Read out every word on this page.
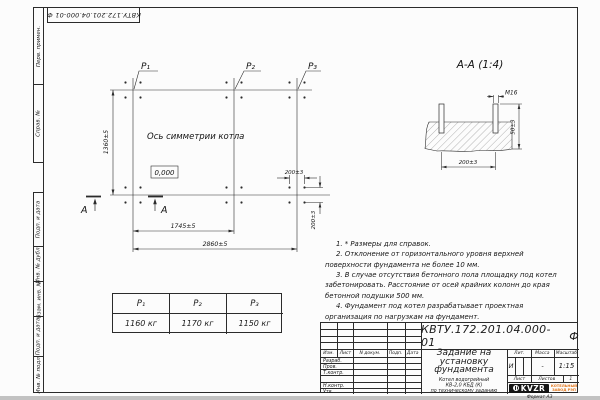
Перв. примен.
Справ. №
Подп. и дата
Инв. № дубл.
Взам. инв. №
Подп. и дата
Инв. № подл.
КВТУ.172.201.04.000-01 Ф
P₁	P₂	P₃
Ось симметрии котла
0,000
1360±5
1745±5
2860±5
200±3
200±3
А	А
А-А (1:4)
М16
50±3
200±3

1. * Размеры для справок.

2. Отклонение от горизонтального уровня верхней поверхности фундамента не более 10 мм.

3. В случае отсутствия бетонного пола площадку под котел забетонировать. Расстояние от осей крайних колонн до края бетонной подушки 500 мм.

4. Фундамент под котел разрабатывает проектная организация по нагрузкам на фундамент.

P₁	P₂	P₃
1160 кг	1170 кг	1150 кг
Изм. Лист N докум. Подп. Дата
Разраб.
Пров.
Т.контр.
Н.контр.
Утв.
КВТУ.172.201.04.000-01	Ф
Задание на
установку
фундамента
Котел водогрейный
КВ-2,0 КБД (К)
по техническому заданию
Лит. Масса Масштаб
И	-	1:15
Лист Листов 1
KVZR КОТЕЛЬНЫЙ
ЗАВОД РЭП
Формат А3
